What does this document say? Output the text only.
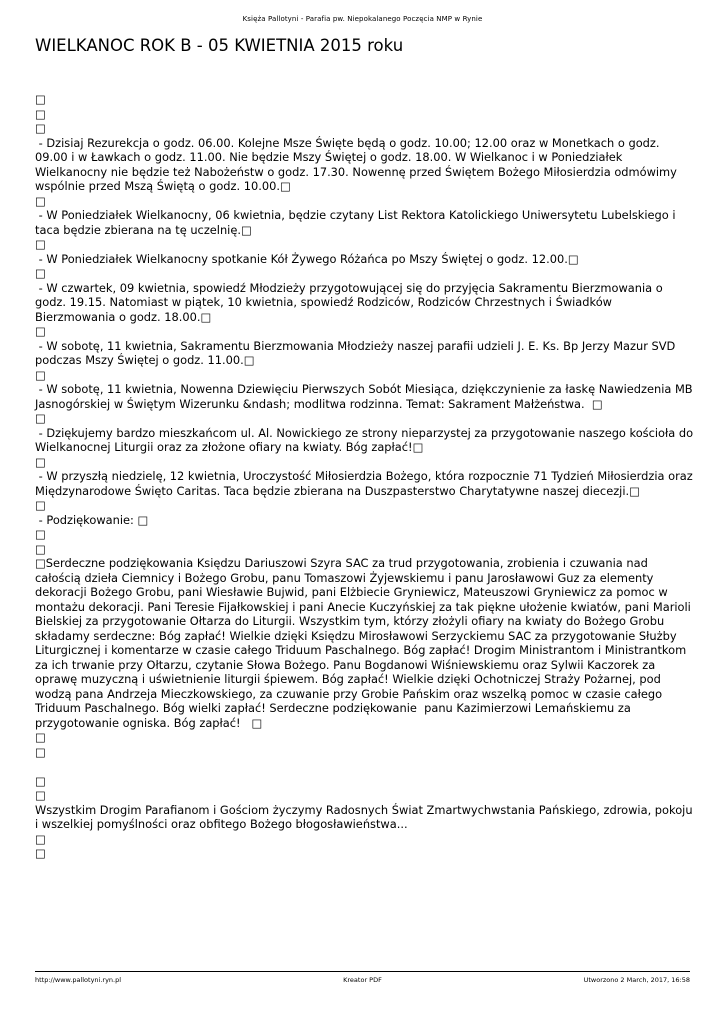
Księża Pallotyni - Parafia pw. Niepokalanego Poczęcia NMP w Rynie
WIELKANOC ROK B - 05 KWIETNIA 2015 roku
□
□
□
- Dzisiaj Rezurekcja o godz. 06.00. Kolejne Msze Święte będą o godz. 10.00; 12.00 oraz w Monetkach o godz. 09.00 i w Ławkach o godz. 11.00. Nie będzie Mszy Świętej o godz. 18.00. W Wielkanoc i w Poniedziałek Wielkanocny nie będzie też Nabożeństw o godz. 17.30. Nowennę przed Świętem Bożego Miłosierdzia odmówimy wspólnie przed Mszą Świętą o godz. 10.00.□
□
- W Poniedziałek Wielkanocny, 06 kwietnia, będzie czytany List Rektora Katolickiego Uniwersytetu Lubelskiego i taca będzie zbierana na tę uczelnię.□
□
- W Poniedziałek Wielkanocny spotkanie Kół Żywego Różańca po Mszy Świętej o godz. 12.00.□
□
- W czwartek, 09 kwietnia, spowiedź Młodzieży przygotowującej się do przyjęcia Sakramentu Bierzmowania o godz. 19.15. Natomiast w piątek, 10 kwietnia, spowiedź Rodziców, Rodziców Chrzestnych i Świadków Bierzmowania o godz. 18.00.□
□
- W sobotę, 11 kwietnia, Sakramentu Bierzmowania Młodzieży naszej parafii udzieli J. E. Ks. Bp Jerzy Mazur SVD podczas Mszy Świętej o godz. 11.00.□
□
- W sobotę, 11 kwietnia, Nowenna Dziewięciu Pierwszych Sobót Miesiąca, dziękczynienie za łaskę Nawiedzenia MB Jasnogórskiej w Świętym Wizerunku &ndash; modlitwa rodzinna. Temat: Sakrament Małżeństwa.  □
□
- Dziękujemy bardzo mieszkańcom ul. Al. Nowickiego ze strony nieparzystej za przygotowanie naszego kościoła do Wielkanocnej Liturgii oraz za złożone ofiary na kwiaty. Bóg zapłać!□
□
- W przyszłą niedzielę, 12 kwietnia, Uroczystość Miłosierdzia Bożego, która rozpocznie 71 Tydzień Miłosierdzia oraz Międzynarodowe Święto Caritas. Taca będzie zbierana na Duszpasterstwo Charytatywne naszej diecezji.□
□
- Podziękowanie: □
□
□
□ Serdeczne podziękowania Księdzu Dariuszowi Szyra SAC za trud przygotowania, zrobienia i czuwania nad całością dzieła Ciemnicy i Bożego Grobu, panu Tomaszowi Żyjewskiemu i panu Jarosławowi Guz za elementy dekoracji Bożego Grobu, pani Wiesławie Bujwid, pani Elżbiecie Gryniewicz, Mateuszowi Gryniewicz za pomoc w montażu dekoracji. Pani Teresie Fijałkowskiej i pani Anecie Kuczyńskiej za tak piękne ułożenie kwiatów, pani Marioli Bielskiej za przygotowanie Ołtarza do Liturgii. Wszystkim tym, którzy złożyli ofiary na kwiaty do Bożego Grobu składamy serdeczne: Bóg zapłać! Wielkie dzięki Księdzu Mirosławowi Serzyckiemu SAC za przygotowanie Służby Liturgicznej i komentarze w czasie całego Triduum Paschalnego. Bóg zapłać! Drogim Ministrantom i Ministrantkom za ich trwanie przy Ołtarzu, czytanie Słowa Bożego. Panu Bogdanowi Wiśniewskiemu oraz Sylwii Kaczorek za oprawę muzyczną i uświetnienie liturgii śpiewem. Bóg zapłać! Wielkie dzięki Ochotniczej Straży Pożarnej, pod wodzą pana Andrzeja Mieczkowskiego, za czuwanie przy Grobie Pańskim oraz wszelką pomoc w czasie całego Triduum Paschalnego. Bóg wielki zapłać! Serdeczne podziękowanie  panu Kazimierzowi Lemańskiemu za przygotowanie ogniska. Bóg zapłać!   □
□
□

□
□
Wszystkim Drogim Parafianom i Gościom życzymy Radosnych Świat Zmartwychwstania Pańskiego, zdrowia, pokoju i wszelkiej pomyślności oraz obfitego Bożego błogosławieństwa...
□
□
http://www.pallotyni.ryn.pl	Kreator PDF	Utworzono 2 March, 2017, 16:58
